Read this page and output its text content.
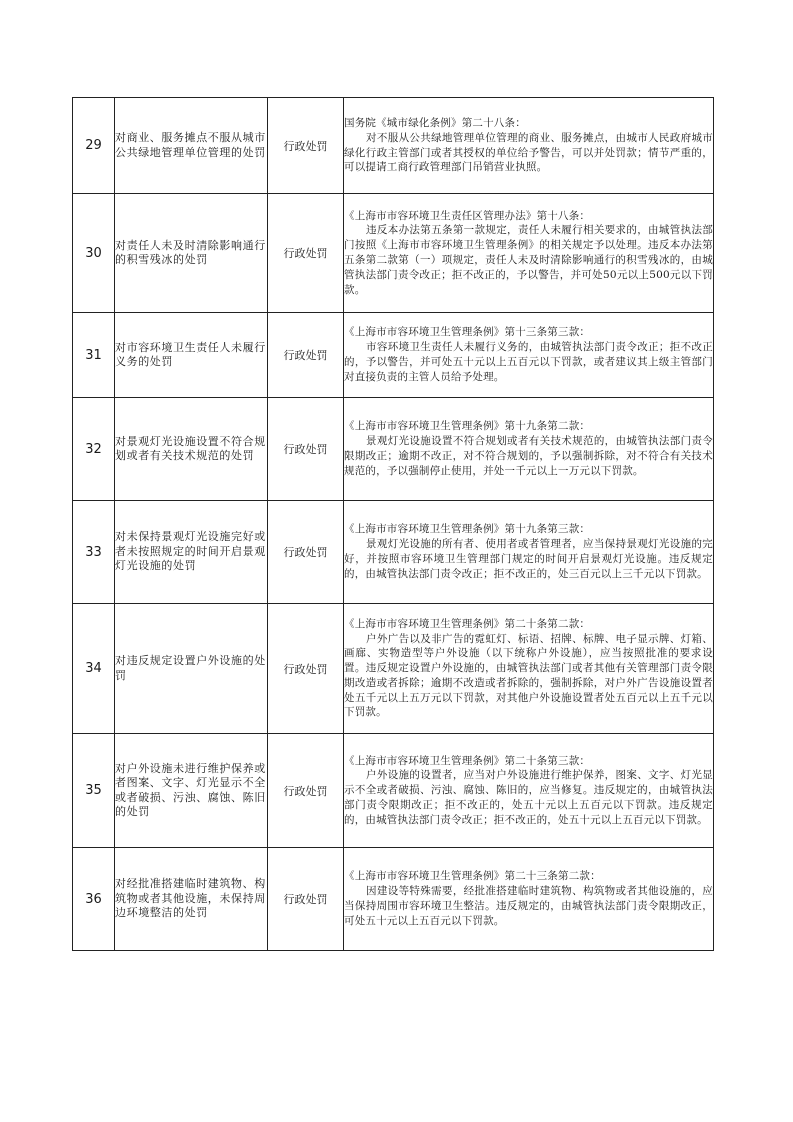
29	对商业、服务摊点不服从城市公共绿地管理单位管理的处罚	行政处罚	国务院《城市绿化条例》第二十八条：
对不服从公共绿地管理单位管理的商业、服务摊点，由城市人民政府城市绿化行政主管部门或者其授权的单位给予警告，可以并处罚款；情节严重的，可以提请工商行政管理部门吊销营业执照。

30	对责任人未及时清除影响通行的积雪残冰的处罚	行政处罚	《上海市市容环境卫生责任区管理办法》第十八条：
违反本办法第五条第一款规定，责任人未履行相关要求的，由城管执法部门按照《上海市市容环境卫生管理条例》的相关规定予以处理。违反本办法第五条第二款第（一）项规定，责任人未及时清除影响通行的积雪残冰的，由城管执法部门责令改正；拒不改正的，予以警告，并可处50元以上500元以下罚款。

31	对市容环境卫生责任人未履行义务的处罚	行政处罚	《上海市市容环境卫生管理条例》第十三条第三款：
市容环境卫生责任人未履行义务的，由城管执法部门责令改正；拒不改正的，予以警告，并可处五十元以上五百元以下罚款，或者建议其上级主管部门对直接负责的主管人员给予处理。

32	对景观灯光设施设置不符合规划或者有关技术规范的处罚	行政处罚	《上海市市容环境卫生管理条例》第十九条第二款：
景观灯光设施设置不符合规划或者有关技术规范的，由城管执法部门责令限期改正；逾期不改正，对不符合规划的，予以强制拆除，对不符合有关技术规范的，予以强制停止使用，并处一千元以上一万元以下罚款。

33	对未保持景观灯光设施完好或者未按照规定的时间开启景观灯光设施的处罚	行政处罚	《上海市市容环境卫生管理条例》第十九条第三款：
景观灯光设施的所有者、使用者或者管理者，应当保持景观灯光设施的完好，并按照市容环境卫生管理部门规定的时间开启景观灯光设施。违反规定的，由城管执法部门责令改正；拒不改正的，处三百元以上三千元以下罚款。

34	对违反规定设置户外设施的处罚	行政处罚	《上海市市容环境卫生管理条例》第二十条第二款：
户外广告以及非广告的霓虹灯、标语、招牌、标牌、电子显示牌、灯箱、画廊、实物造型等户外设施（以下统称户外设施），应当按照批准的要求设置。违反规定设置户外设施的，由城管执法部门或者其他有关管理部门责令限期改造或者拆除；逾期不改造或者拆除的，强制拆除，对户外广告设施设置者处五千元以上五万元以下罚款，对其他户外设施设置者处五百元以上五千元以下罚款。

35	对户外设施未进行维护保养或者图案、文字、灯光显示不全或者破损、污浊、腐蚀、陈旧的处罚	行政处罚	《上海市市容环境卫生管理条例》第二十条第三款：
户外设施的设置者，应当对户外设施进行维护保养，图案、文字、灯光显示不全或者破损、污浊、腐蚀、陈旧的，应当修复。违反规定的，由城管执法部门责令限期改正；拒不改正的，处五十元以上五百元以下罚款。违反规定的，由城管执法部门责令改正；拒不改正的，处五十元以上五百元以下罚款。

36	对经批准搭建临时建筑物、构筑物或者其他设施，未保持周边环境整洁的处罚	行政处罚	《上海市市容环境卫生管理条例》第二十三条第二款：
因建设等特殊需要，经批准搭建临时建筑物、构筑物或者其他设施的，应当保持周围市容环境卫生整洁。违反规定的，由城管执法部门责令限期改正，可处五十元以上五百元以下罚款。
